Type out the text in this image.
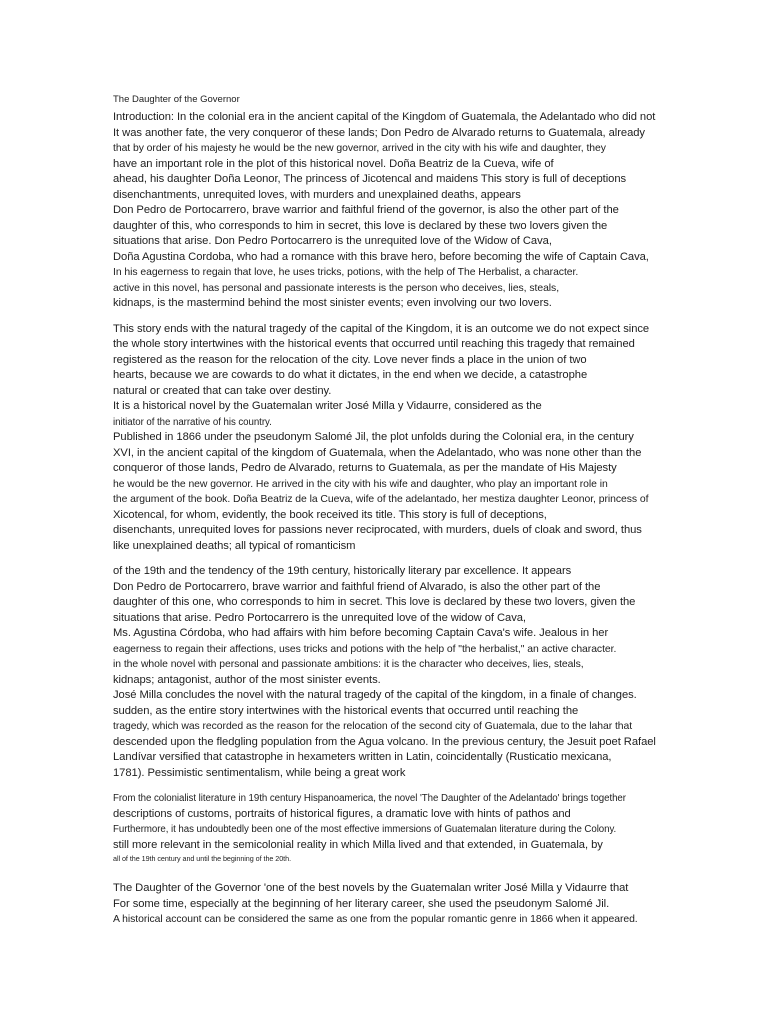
The Daughter of the Governor
Introduction: In the colonial era in the ancient capital of the Kingdom of Guatemala, the Adelantado who did not
It was another fate, the very conqueror of these lands; Don Pedro de Alvarado returns to Guatemala, already
that by order of his majesty he would be the new governor, arrived in the city with his wife and daughter, they
have an important role in the plot of this historical novel. Doña Beatriz de la Cueva, wife of
ahead, his daughter Doña Leonor, The princess of Jicotencal and maidens This story is full of deceptions
disenchantments, unrequited loves, with murders and unexplained deaths, appears
Don Pedro de Portocarrero, brave warrior and faithful friend of the governor, is also the other part of the
daughter of this, who corresponds to him in secret, this love is declared by these two lovers given the
situations that arise. Don Pedro Portocarrero is the unrequited love of the Widow of Cava,
Doña Agustina Cordoba, who had a romance with this brave hero, before becoming the wife of Captain Cava,
In his eagerness to regain that love, he uses tricks, potions, with the help of The Herbalist, a character.
active in this novel, has personal and passionate interests is the person who deceives, lies, steals,
kidnaps, is the mastermind behind the most sinister events; even involving our two lovers.
This story ends with the natural tragedy of the capital of the Kingdom, it is an outcome we do not expect since
the whole story intertwines with the historical events that occurred until reaching this tragedy that remained
registered as the reason for the relocation of the city. Love never finds a place in the union of two
hearts, because we are cowards to do what it dictates, in the end when we decide, a catastrophe
natural or created that can take over destiny.
It is a historical novel by the Guatemalan writer José Milla y Vidaurre, considered as the
initiator of the narrative of his country.
Published in 1866 under the pseudonym Salomé Jil, the plot unfolds during the Colonial era, in the century
XVI, in the ancient capital of the kingdom of Guatemala, when the Adelantado, who was none other than the
conqueror of those lands, Pedro de Alvarado, returns to Guatemala, as per the mandate of His Majesty
he would be the new governor. He arrived in the city with his wife and daughter, who play an important role in
the argument of the book. Doña Beatriz de la Cueva, wife of the adelantado, her mestiza daughter Leonor, princess of
Xicotencal, for whom, evidently, the book received its title. This story is full of deceptions,
disenchants, unrequited loves for passions never reciprocated, with murders, duels of cloak and sword, thus
like unexplained deaths; all typical of romanticism
of the 19th and the tendency of the 19th century, historically literary par excellence. It appears
Don Pedro de Portocarrero, brave warrior and faithful friend of Alvarado, is also the other part of the
daughter of this one, who corresponds to him in secret. This love is declared by these two lovers, given the
situations that arise. Pedro Portocarrero is the unrequited love of the widow of Cava,
Ms. Agustina Córdoba, who had affairs with him before becoming Captain Cava's wife. Jealous in her
eagerness to regain their affections, uses tricks and potions with the help of "the herbalist," an active character.
in the whole novel with personal and passionate ambitions: it is the character who deceives, lies, steals,
kidnaps; antagonist, author of the most sinister events.
José Milla concludes the novel with the natural tragedy of the capital of the kingdom, in a finale of changes.
sudden, as the entire story intertwines with the historical events that occurred until reaching the
tragedy, which was recorded as the reason for the relocation of the second city of Guatemala, due to the lahar that
descended upon the fledgling population from the Agua volcano. In the previous century, the Jesuit poet Rafael
Landívar versified that catastrophe in hexameters written in Latin, coincidentally (Rusticatio mexicana,
1781). Pessimistic sentimentalism, while being a great work
From the colonialist literature in 19th century Hispanoamerica, the novel 'The Daughter of the Adelantado' brings together
descriptions of customs, portraits of historical figures, a dramatic love with hints of pathos and
Furthermore, it has undoubtedly been one of the most effective immersions of Guatemalan literature during the Colony.
still more relevant in the semicolonial reality in which Milla lived and that extended, in Guatemala, by
all of the 19th century and until the beginning of the 20th.
The Daughter of the Governor 'one of the best novels by the Guatemalan writer José Milla y Vidaurre that
For some time, especially at the beginning of her literary career, she used the pseudonym Salomé Jil.
A historical account can be considered the same as one from the popular romantic genre in 1866 when it appeared.
